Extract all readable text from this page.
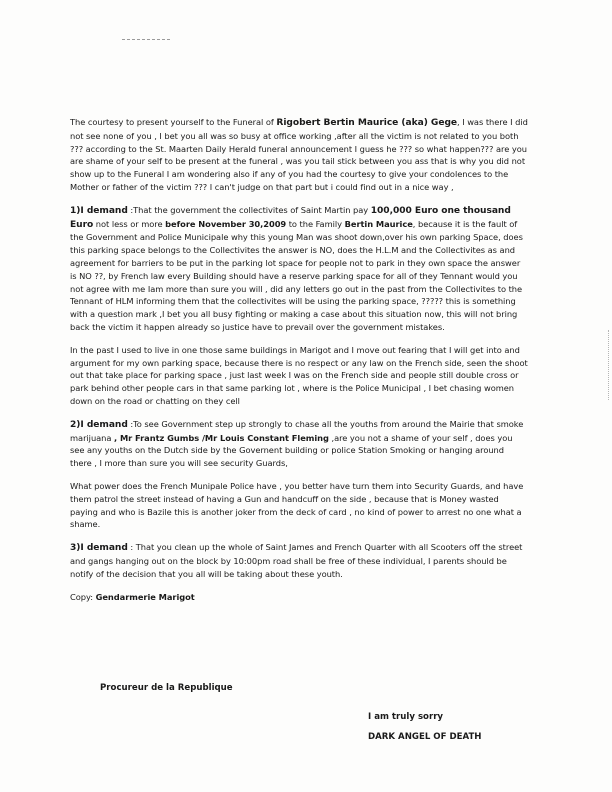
The courtesy to present yourself to the Funeral of Rigobert Bertin Maurice (aka) Gege, I was there I did not see none of you , I bet you all was so busy at office working ,after all the victim is not related to you both ??? according to the St. Maarten Daily Herald funeral announcement I guess he ??? so what happen??? are you are shame of your self to be present at the funeral , was you tail stick between you ass that is why you did not show up to the Funeral I am wondering also if any of you had the courtesy to give your condolences to the Mother or father of the victim ??? I can't judge on that part but i could find out in a nice way ,

1)I demand :That the government the collectivites of Saint Martin pay 100,000 Euro one thousand Euro not less or more before November 30,2009 to the Family Bertin Maurice, because it is the fault of the Government and Police Municipale why this young Man was shoot down,over his own parking Space, does this parking space belongs to the Collectivites the answer is NO, does the H.L.M and the Collectivites as and agreement for barriers to be put in the parking lot space for people not to park in they own space the answer is NO ??, by French law every Building should have a reserve parking space for all of they Tennant would you not agree with me Iam more than sure you will , did any letters go out in the past from the Collectivites to the Tennant of HLM informing them that the collectivites will be using the parking space, ????? this is something with a question mark ,I bet you all busy fighting or making a case about this situation now, this will not bring back the victim it happen already so justice have to prevail over the government mistakes.

In the past I used to live in one those same buildings in Marigot and I move out fearing that I will get into and argument for my own parking space, because there is no respect or any law on the French side, seen the shoot out that take place for parking space , just last week I was on the French side and people still double cross or park behind other people cars in that same parking lot , where is the Police Municipal , I bet chasing women down on the road or chatting on they cell

2)I demand :To see Government step up strongly to chase all the youths from around the Mairie that smoke marijuana , Mr Frantz Gumbs /Mr Louis Constant Fleming ,are you not a shame of your self , does you see any youths on the Dutch side by the Governent building or police Station Smoking or hanging around there , I more than sure you will see security Guards,

What power does the French Munipale Police have , you better have turn them into Security Guards, and have them patrol the street instead of having a Gun and handcuff on the side , because that is Money wasted paying and who is Bazile this is another joker from the deck of card , no kind of power to arrest no one what a shame.

3)I demand : That you clean up the whole of Saint James and French Quarter with all Scooters off the street and gangs hanging out on the block by 10:00pm road shall be free of these individual, I parents should be notify of the decision that you all will be taking about these youth.

Copy: Gendarmerie Marigot

Procureur de la Republique
I am truly sorry
DARK ANGEL OF DEATH
